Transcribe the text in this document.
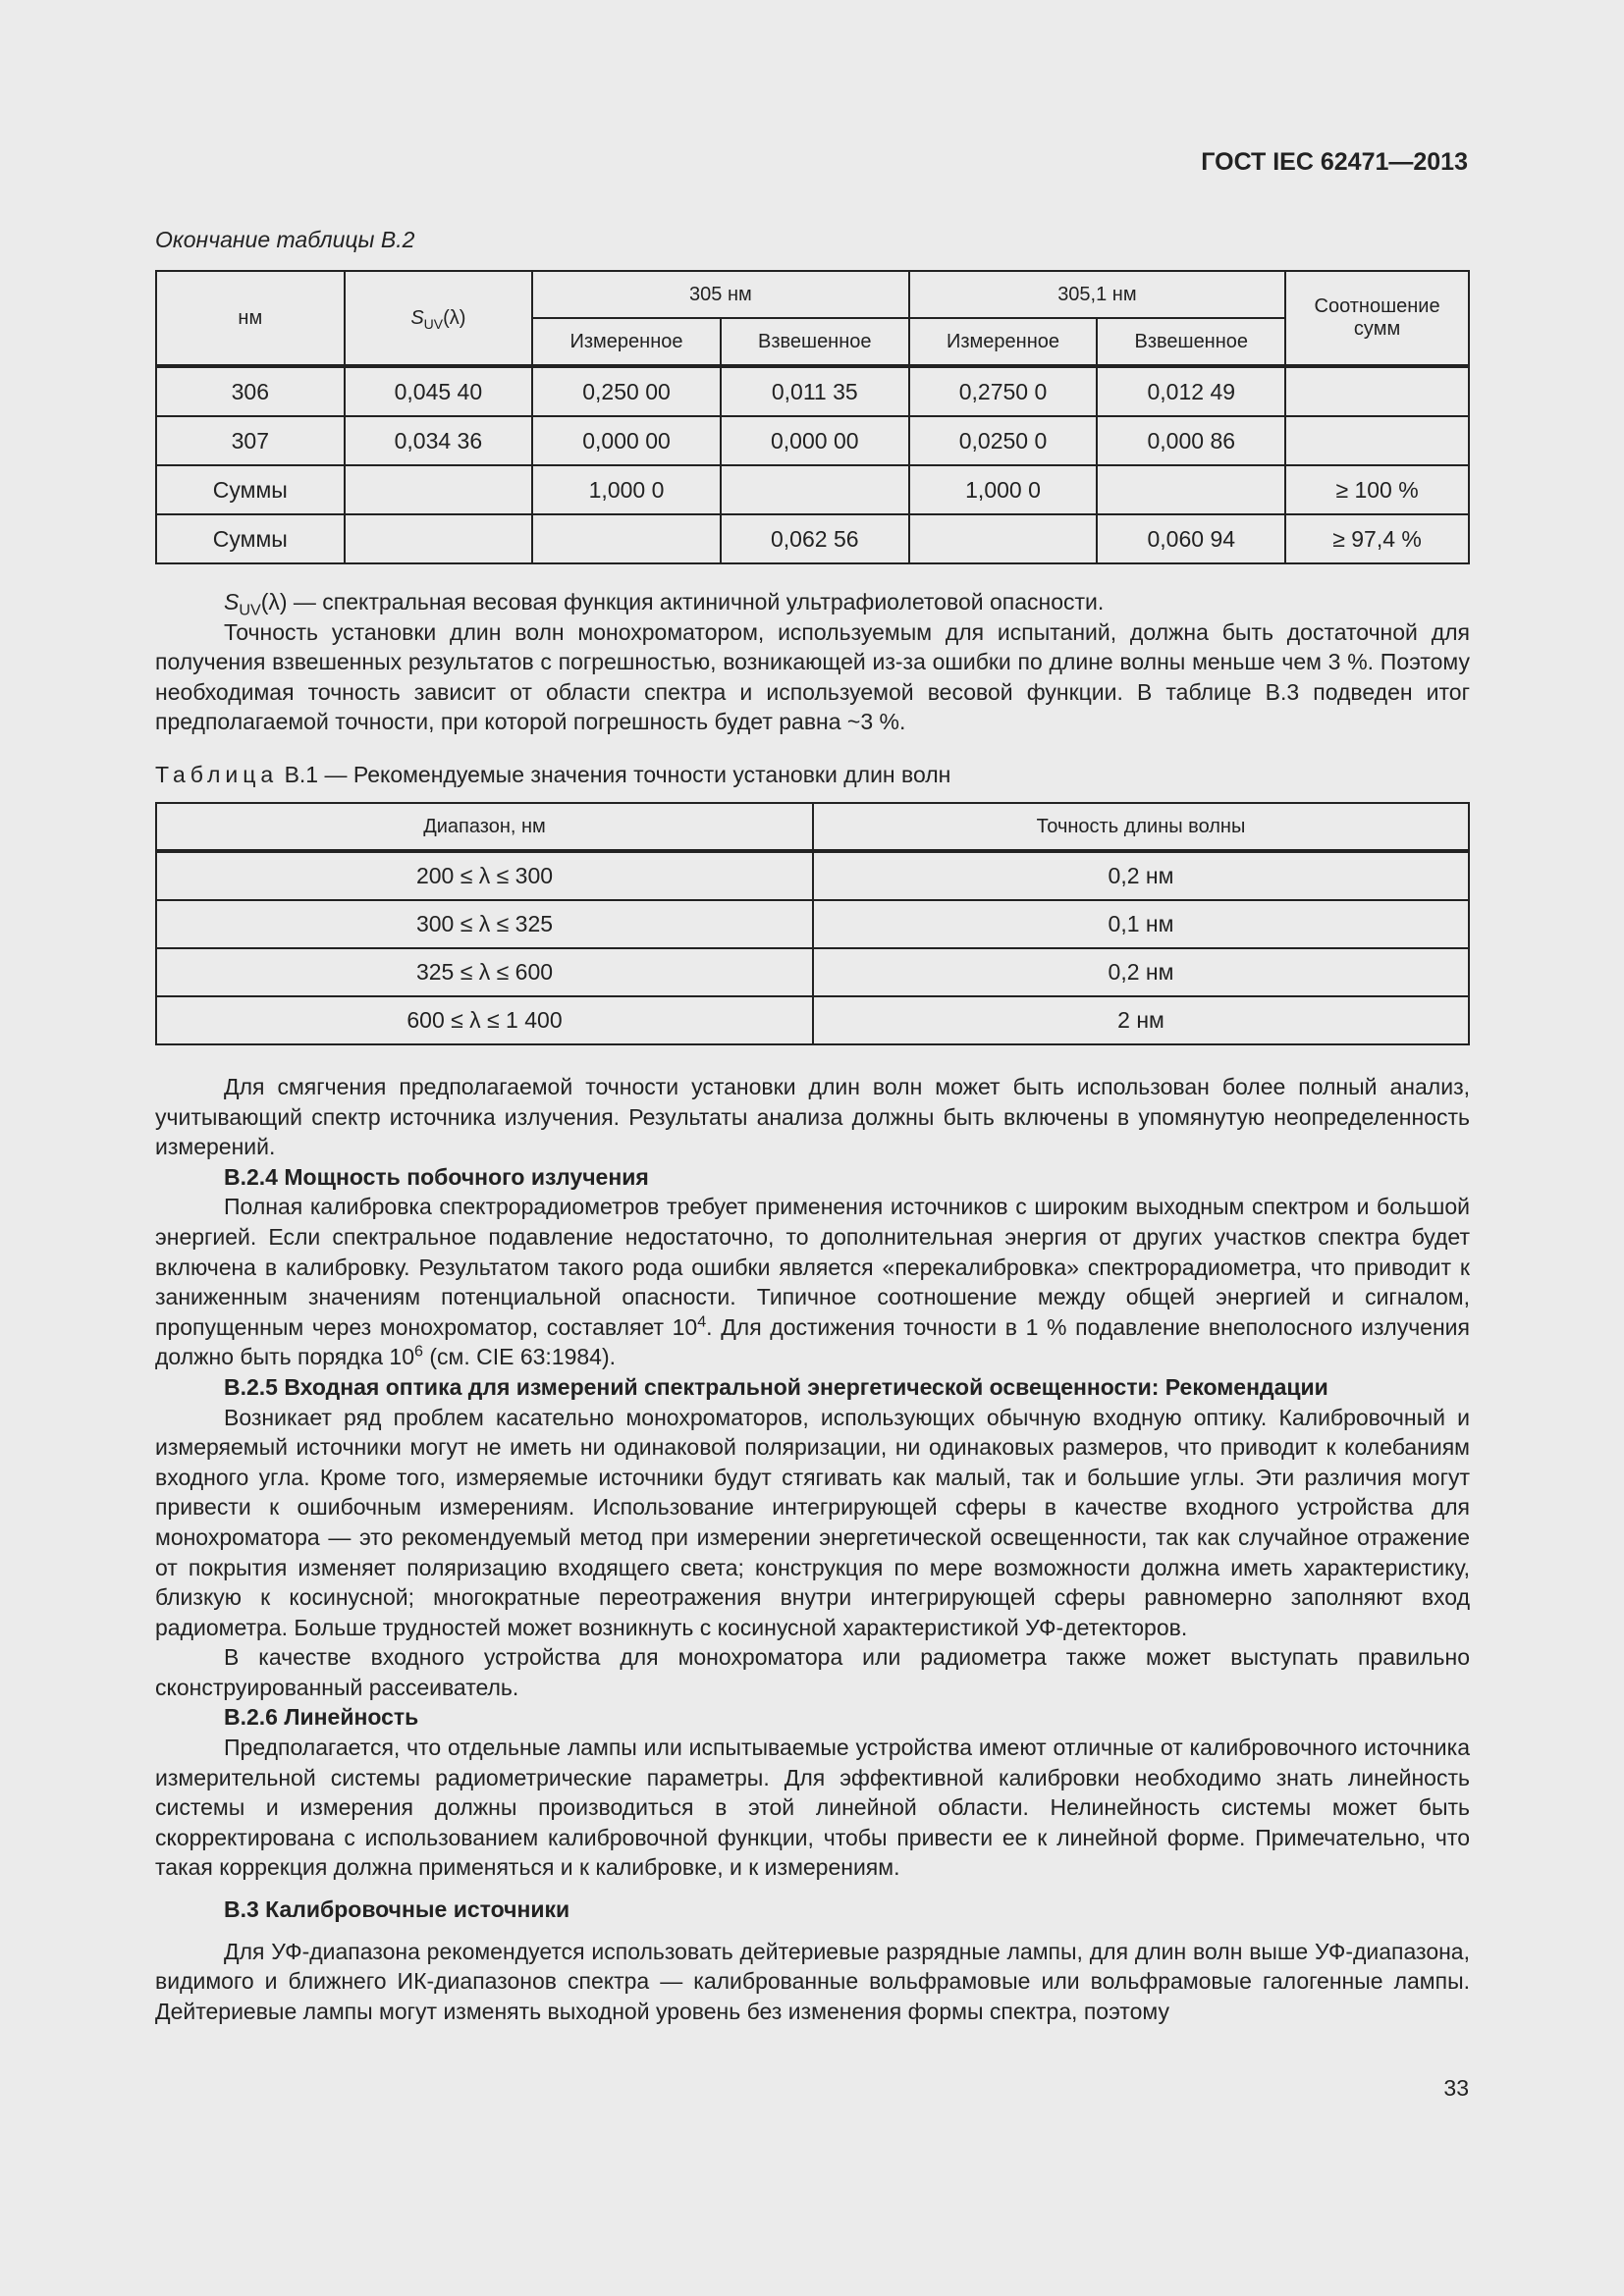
ГОСТ IEC 62471—2013
Окончание таблицы B.2
нм	$S_{UV}(\lambda)$	305 нм		305,1 нм		Соотношение сумм
		Измеренное	Взвешенное	Измеренное	Взвешенное	
306	0,045 40	0,250 00	0,011 35	0,2750 0	0,012 49	
307	0,034 36	0,000 00	0,000 00	0,0250 0	0,000 86	
Суммы		1,000 0		1,000 0		≥ 100 %
Суммы			0,062 56		0,060 94	≥ 97,4 %

$S_{UV}(\lambda)$ — спектральная весовая функция актиничной ультрафиолетовой опасности.

Точность установки длин волн монохроматором, используемым для испытаний, должна быть достаточной для получения взвешенных результатов с погрешностью, возникающей из-за ошибки по длине волны меньше чем 3 %. Поэтому необходимая точность зависит от области спектра и используемой весовой функции. В таблице B.3 подведен итог предполагаемой точности, при которой погрешность будет равна ~3 %.

Таблица B.1 — Рекомендуемые значения точности установки длин волн
Диапазон, нм	Точность длины волны
200 ≤ λ ≤ 300	0,2 нм
300 ≤ λ ≤ 325	0,1 нм
325 ≤ λ ≤ 600	0,2 нм
600 ≤ λ ≤ 1 400	2 нм

Для смягчения предполагаемой точности установки длин волн может быть использован более полный анализ, учитывающий спектр источника излучения. Результаты анализа должны быть включены в упомянутую неопределенность измерений.

B.2.4 Мощность побочного излучения

Полная калибровка спектрорадиометров требует применения источников с широким выходным спектром и большой энергией. Если спектральное подавление недостаточно, то дополнительная энергия от других участков спектра будет включена в калибровку. Результатом такого рода ошибки является «перекалибровка» спектрорадиометра, что приводит к заниженным значениям потенциальной опасности. Типичное соотношение между общей энергией и сигналом, пропущенным через монохроматор, составляет $10^4$. Для достижения точности в 1 % подавление внеполосного излучения должно быть порядка $10^6$ (см. CIE 63:1984).

B.2.5 Входная оптика для измерений спектральной энергетической освещенности: Рекомендации

Возникает ряд проблем касательно монохроматоров, использующих обычную входную оптику. Калибровочный и измеряемый источники могут не иметь ни одинаковой поляризации, ни одинаковых размеров, что приводит к колебаниям входного угла. Кроме того, измеряемые источники будут стягивать как малый, так и большие углы. Эти различия могут привести к ошибочным измерениям. Использование интегрирующей сферы в качестве входного устройства для монохроматора — это рекомендуемый метод при измерении энергетической освещенности, так как случайное отражение от покрытия изменяет поляризацию входящего света; конструкция по мере возможности должна иметь характеристику, близкую к косинусной; многократные переотражения внутри интегрирующей сферы равномерно заполняют вход радиометра. Больше трудностей может возникнуть с косинусной характеристикой УФ-детекторов.

В качестве входного устройства для монохроматора или радиометра также может выступать правильно сконструированный рассеиватель.

B.2.6 Линейность

Предполагается, что отдельные лампы или испытываемые устройства имеют отличные от калибровочного источника измерительной системы радиометрические параметры. Для эффективной калибровки необходимо знать линейность системы и измерения должны производиться в этой линейной области. Нелинейность системы может быть скорректирована с использованием калибровочной функции, чтобы привести ее к линейной форме. Примечательно, что такая коррекция должна применяться и к калибровке, и к измерениям.

B.3 Калибровочные источники

Для УФ-диапазона рекомендуется использовать дейтериевые разрядные лампы, для длин волн выше УФ-диапазона, видимого и ближнего ИК-диапазонов спектра — калиброванные вольфрамовые или вольфрамовые галогенные лампы. Дейтериевые лампы могут изменять выходной уровень без изменения формы спектра, поэтому

33
